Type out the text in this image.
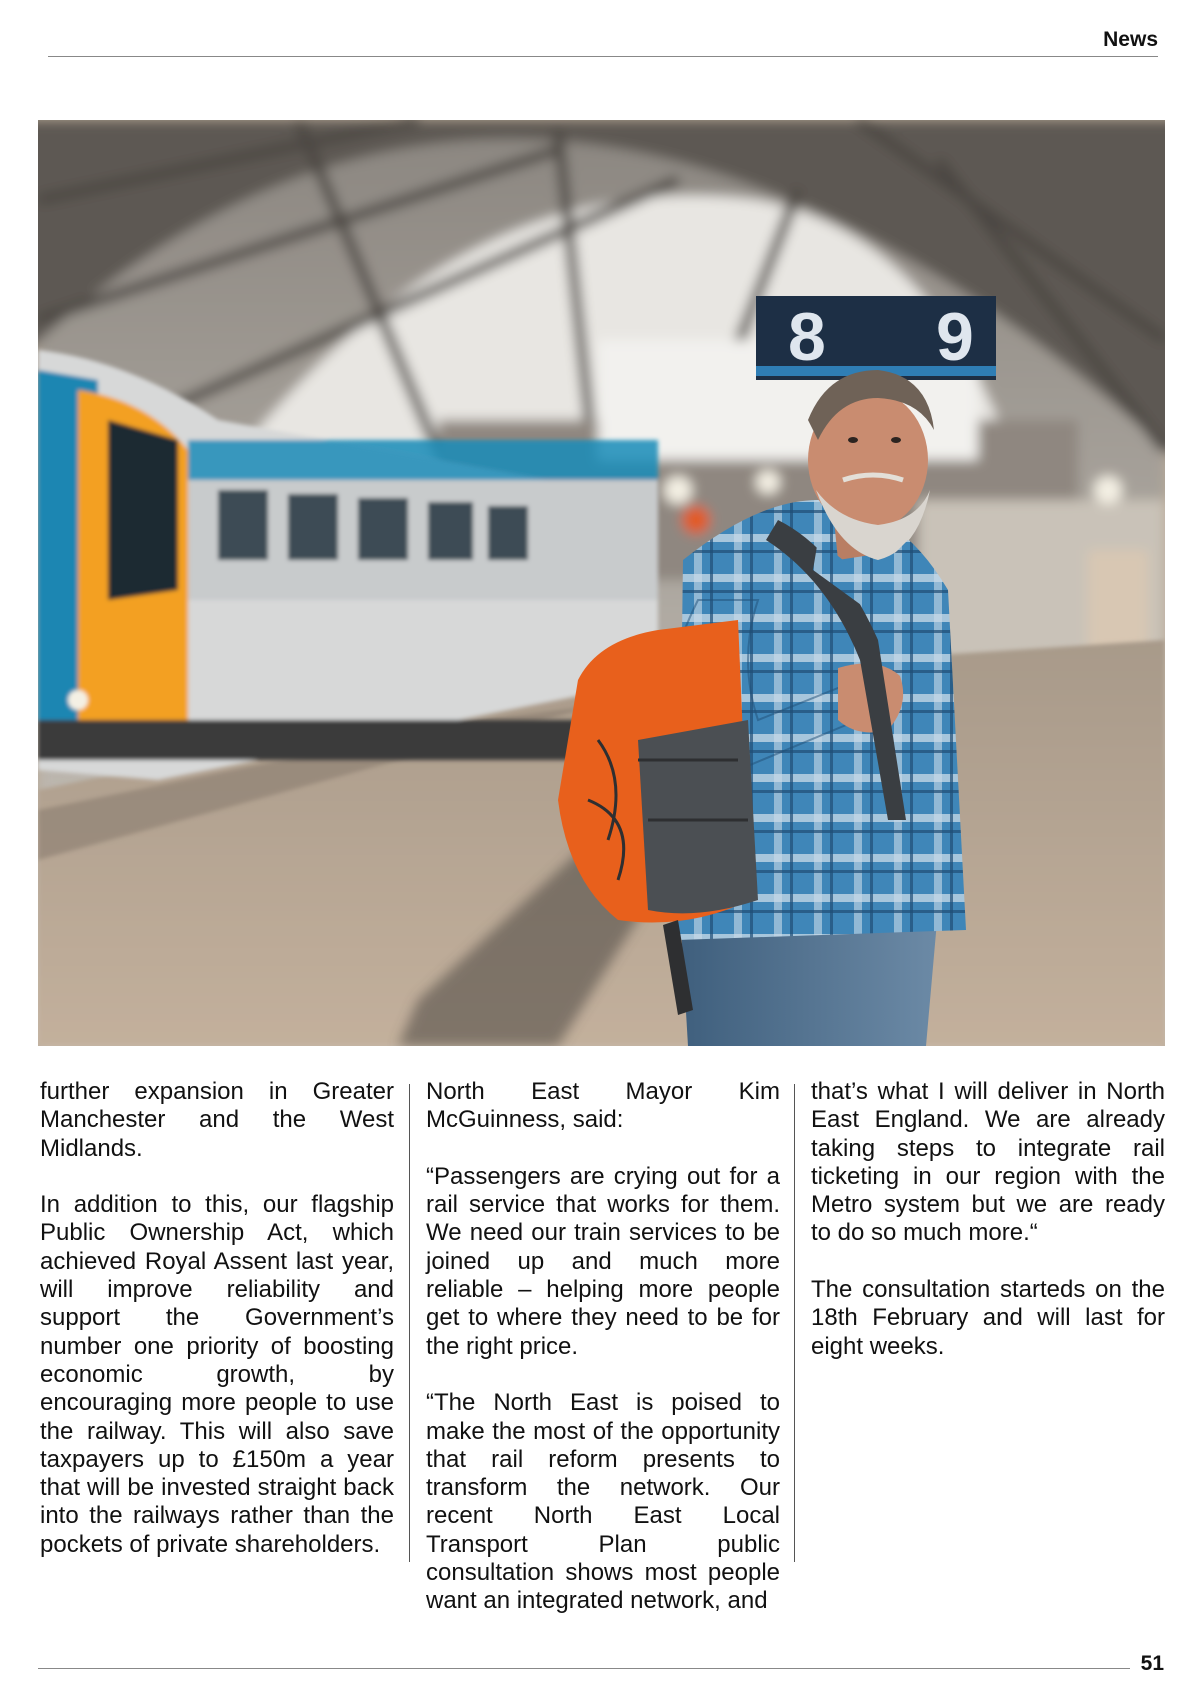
News
8 9

further expansion in Greater Manchester and the West Midlands.

In addition to this, our flagship Public Ownership Act, which achieved Royal Assent last year, will improve reliability and support the Government’s number one priority of boosting economic growth, by encouraging more people to use the railway. This will also save taxpayers up to £150m a year that will be invested straight back into the railways rather than the pockets of private shareholders.

North East Mayor Kim McGuinness, said:

“Passengers are crying out for a rail service that works for them. We need our train services to be joined up and much more reliable – helping more people get to where they need to be for the right price.

“The North East is poised to make the most of the opportunity that rail reform presents to transform the network. Our recent North East Local Transport Plan public consultation shows most people want an integrated network, and

that’s what I will deliver in North East England. We are already taking steps to integrate rail ticketing in our region with the Metro system but we are ready to do so much more.“

The consultation starteds on the 18th February and will last for eight weeks.

51
